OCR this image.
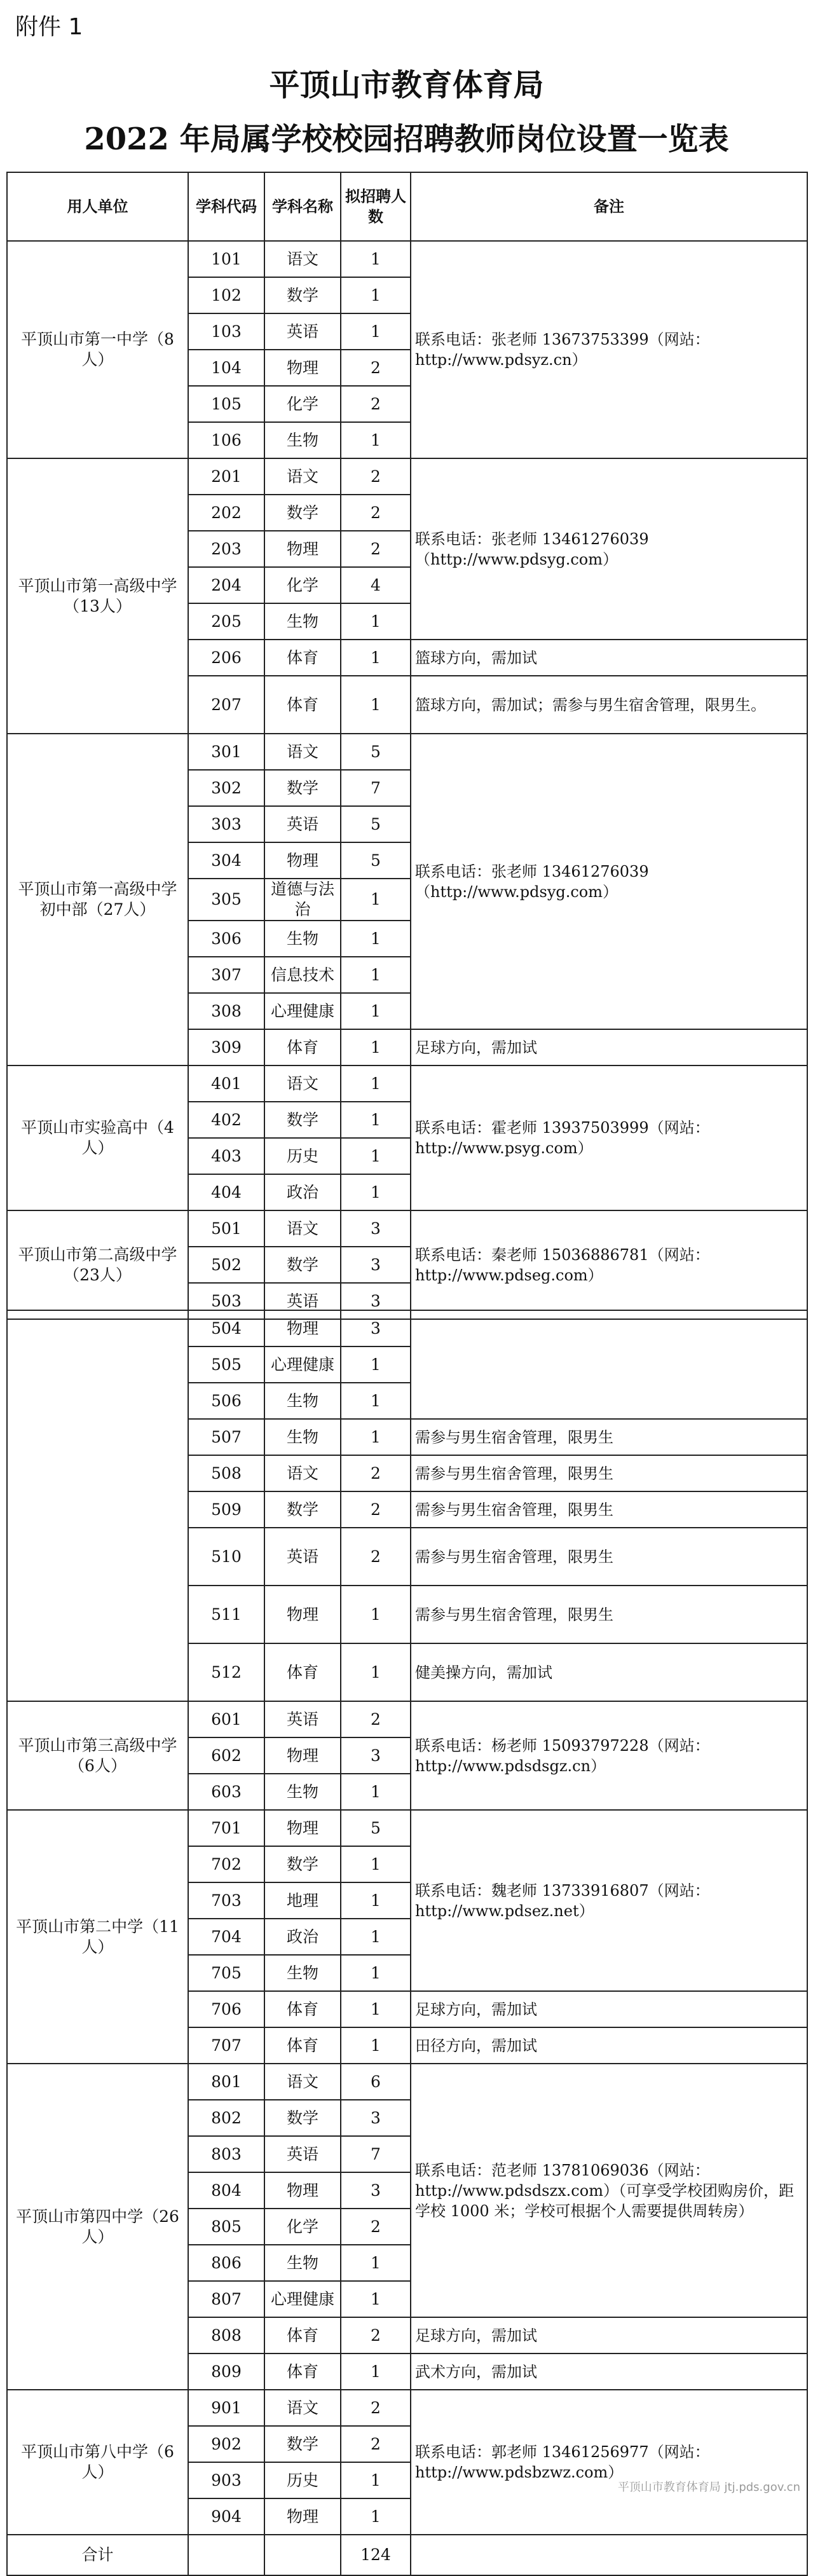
附件 1
平顶山市教育体育局
2022 年局属学校校园招聘教师岗位设置一览表
用人单位	学科代码	学科名称	拟招聘人数	备注
平顶山市第一中学（8人）	101	语文	1	联系电话：张老师 13673753399（网站：http://www.pdsyz.cn）
	102	数学	1	
	103	英语	1	
	104	物理	2	
	105	化学	2	
	106	生物	1	
平顶山市第一高级中学（13人）	201	语文	2	联系电话：张老师 13461276039（http://www.pdsyg.com）
	202	数学	2	
	203	物理	2	
	204	化学	4	
	205	生物	1	
	206	体育	1	篮球方向，需加试
	207	体育	1	篮球方向，需加试；需参与男生宿舍管理，限男生。
平顶山市第一高级中学初中部（27人）	301	语文	5	联系电话：张老师 13461276039（http://www.pdsyg.com）
	302	数学	7	
	303	英语	5	
	304	物理	5	
	305	道德与法治	1	
	306	生物	1	
	307	信息技术	1	
	308	心理健康	1	
	309	体育	1	足球方向，需加试
平顶山市实验高中（4人）	401	语文	1	联系电话：霍老师 13937503999（网站：http://www.psyg.com）
	402	数学	1	
	403	历史	1	
	404	政治	1	
平顶山市第二高级中学（23人）	501	语文	3	联系电话：秦老师 15036886781（网站：http://www.pdseg.com）
	502	数学	3	
	503	英语	3	
	504	物理	3	
	505	心理健康	1	
	506	生物	1	
	507	生物	1	需参与男生宿舍管理，限男生
	508	语文	2	需参与男生宿舍管理，限男生
	509	数学	2	需参与男生宿舍管理，限男生
	510	英语	2	需参与男生宿舍管理，限男生
	511	物理	1	需参与男生宿舍管理，限男生
	512	体育	1	健美操方向，需加试
平顶山市第三高级中学（6人）	601	英语	2	联系电话：杨老师 15093797228（网站：http://www.pdsdsgz.cn）
	602	物理	3	
	603	生物	1	
平顶山市第二中学（11人）	701	物理	5	联系电话：魏老师 13733916807（网站：http://www.pdsez.net）
	702	数学	1	
	703	地理	1	
	704	政治	1	
	705	生物	1	
	706	体育	1	足球方向，需加试
	707	体育	1	田径方向，需加试
平顶山市第四中学（26人）	801	语文	6	联系电话：范老师 13781069036（网站：http://www.pdsdszx.com）（可享受学校团购房价，距学校 1000 米；学校可根据个人需要提供周转房）
	802	数学	3	
	803	英语	7	
	804	物理	3	
	805	化学	2	
	806	生物	1	
	807	心理健康	1	
	808	体育	2	足球方向，需加试
	809	体育	1	武术方向，需加试
平顶山市第八中学（6人）	901	语文	2	联系电话：郭老师 13461256977（网站：http://www.pdsbzwz.com）
	902	数学	2	
	903	历史	1	
	904	物理	1	
合计			124	
平顶山市教育体育局 jtj.pds.gov.cn
